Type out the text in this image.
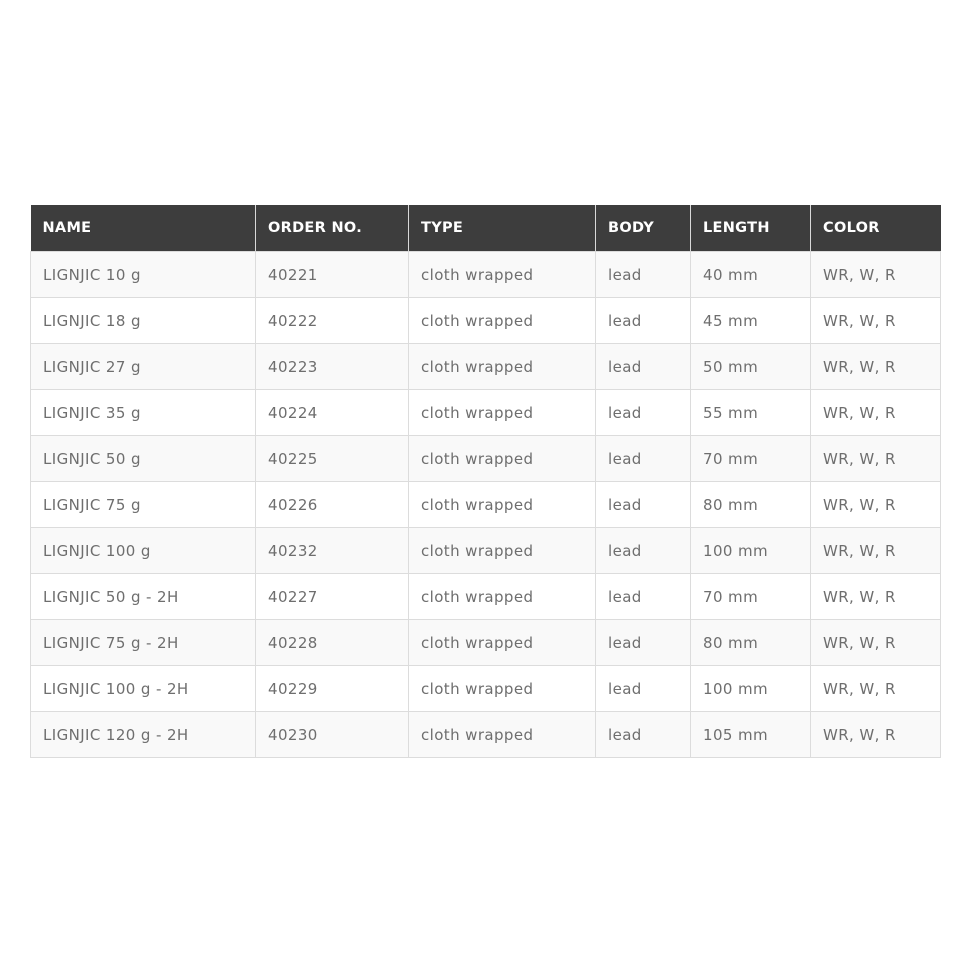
NAME	ORDER NO.	TYPE	BODY	LENGTH	COLOR
LIGNJIC 10 g	40221	cloth wrapped	lead	40 mm	WR, W, R
LIGNJIC 18 g	40222	cloth wrapped	lead	45 mm	WR, W, R
LIGNJIC 27 g	40223	cloth wrapped	lead	50 mm	WR, W, R
LIGNJIC 35 g	40224	cloth wrapped	lead	55 mm	WR, W, R
LIGNJIC 50 g	40225	cloth wrapped	lead	70 mm	WR, W, R
LIGNJIC 75 g	40226	cloth wrapped	lead	80 mm	WR, W, R
LIGNJIC 100 g	40232	cloth wrapped	lead	100 mm	WR, W, R
LIGNJIC 50 g - 2H	40227	cloth wrapped	lead	70 mm	WR, W, R
LIGNJIC 75 g - 2H	40228	cloth wrapped	lead	80 mm	WR, W, R
LIGNJIC 100 g - 2H	40229	cloth wrapped	lead	100 mm	WR, W, R
LIGNJIC 120 g - 2H	40230	cloth wrapped	lead	105 mm	WR, W, R
